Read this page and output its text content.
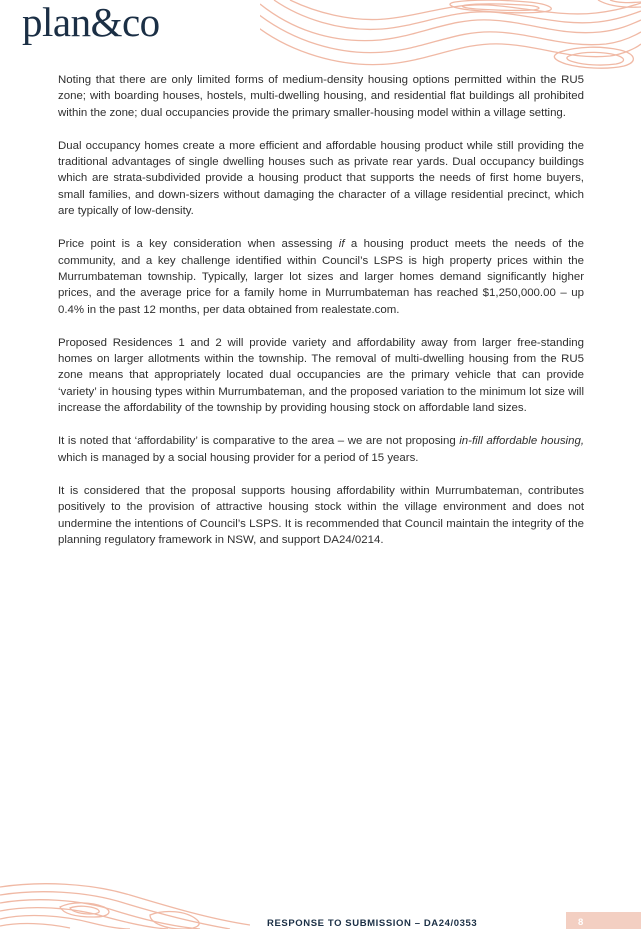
plan&co

Noting that there are only limited forms of medium-density housing options permitted within the RU5 zone; with boarding houses, hostels, multi-dwelling housing, and residential flat buildings all prohibited within the zone; dual occupancies provide the primary smaller-housing model within a village setting.

Dual occupancy homes create a more efficient and affordable housing product while still providing the traditional advantages of single dwelling houses such as private rear yards. Dual occupancy buildings which are strata-subdivided provide a housing product that supports the needs of first home buyers, small families, and down-sizers without damaging the character of a village residential precinct, which are typically of low-density.

Price point is a key consideration when assessing if a housing product meets the needs of the community, and a key challenge identified within Council’s LSPS is high property prices within the Murrumbateman township. Typically, larger lot sizes and larger homes demand significantly higher prices, and the average price for a family home in Murrumbateman has reached $1,250,000.00 – up 0.4% in the past 12 months, per data obtained from realestate.com.

Proposed Residences 1 and 2 will provide variety and affordability away from larger free-standing homes on larger allotments within the township. The removal of multi-dwelling housing from the RU5 zone means that appropriately located dual occupancies are the primary vehicle that can provide ‘variety’ in housing types within Murrumbateman, and the proposed variation to the minimum lot size will increase the affordability of the township by providing housing stock on affordable land sizes.

It is noted that ‘affordability’ is comparative to the area – we are not proposing in-fill affordable housing, which is managed by a social housing provider for a period of 15 years.

It is considered that the proposal supports housing affordability within Murrumbateman, contributes positively to the provision of attractive housing stock within the village environment and does not undermine the intentions of Council’s LSPS. It is recommended that Council maintain the integrity of the planning regulatory framework in NSW, and support DA24/0214.

RESPONSE TO SUBMISSION – DA24/0353	8
